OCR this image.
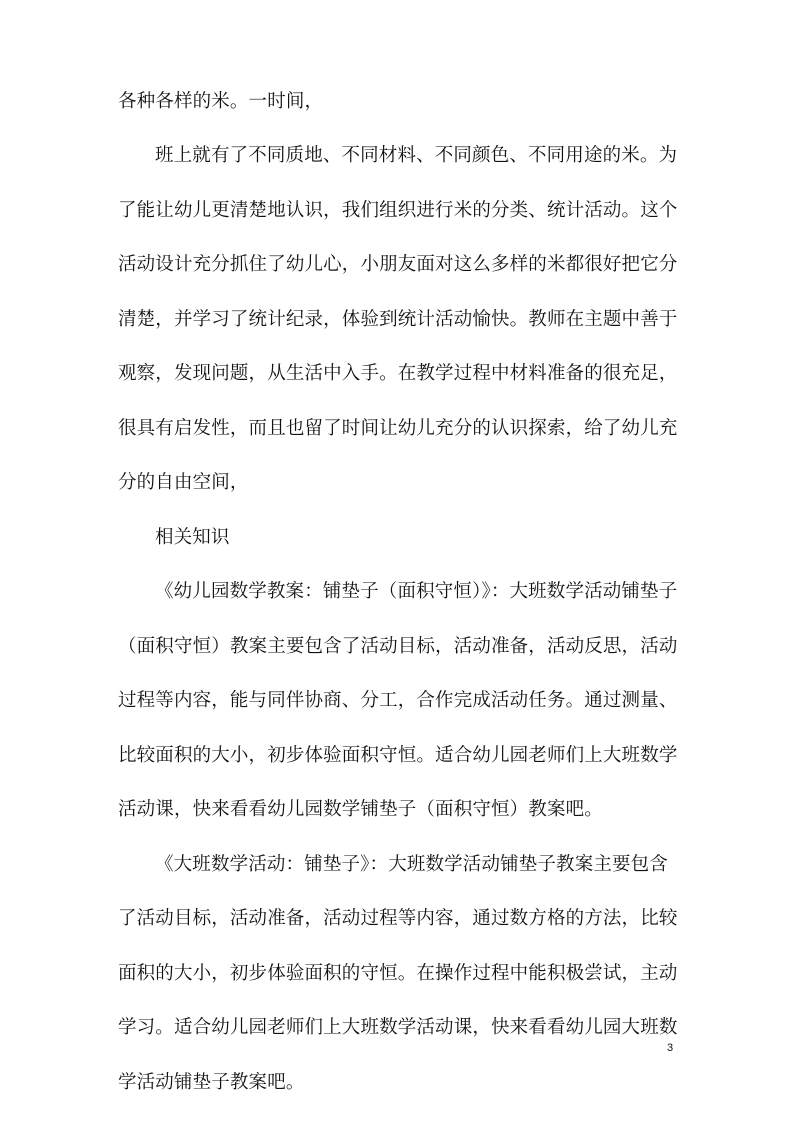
各种各样的米。一时间，
班上就有了不同质地、不同材料、不同颜色、不同用途的米。为
了能让幼儿更清楚地认识，我们组织进行米的分类、统计活动。这个
活动设计充分抓住了幼儿心，小朋友面对这么多样的米都很好把它分
清楚，并学习了统计纪录，体验到统计活动愉快。教师在主题中善于
观察，发现问题，从生活中入手。在教学过程中材料准备的很充足，
很具有启发性，而且也留了时间让幼儿充分的认识探索，给了幼儿充
分的自由空间，
相关知识
《幼儿园数学教案：铺垫子（面积守恒）》：大班数学活动铺垫子
（面积守恒）教案主要包含了活动目标，活动准备，活动反思，活动
过程等内容，能与同伴协商、分工，合作完成活动任务。通过测量、
比较面积的大小，初步体验面积守恒。适合幼儿园老师们上大班数学
活动课，快来看看幼儿园数学铺垫子（面积守恒）教案吧。
《大班数学活动：铺垫子》：大班数学活动铺垫子教案主要包含
了活动目标，活动准备，活动过程等内容，通过数方格的方法，比较
面积的大小，初步体验面积的守恒。在操作过程中能积极尝试，主动
学习。适合幼儿园老师们上大班数学活动课，快来看看幼儿园大班数
学活动铺垫子教案吧。
3
